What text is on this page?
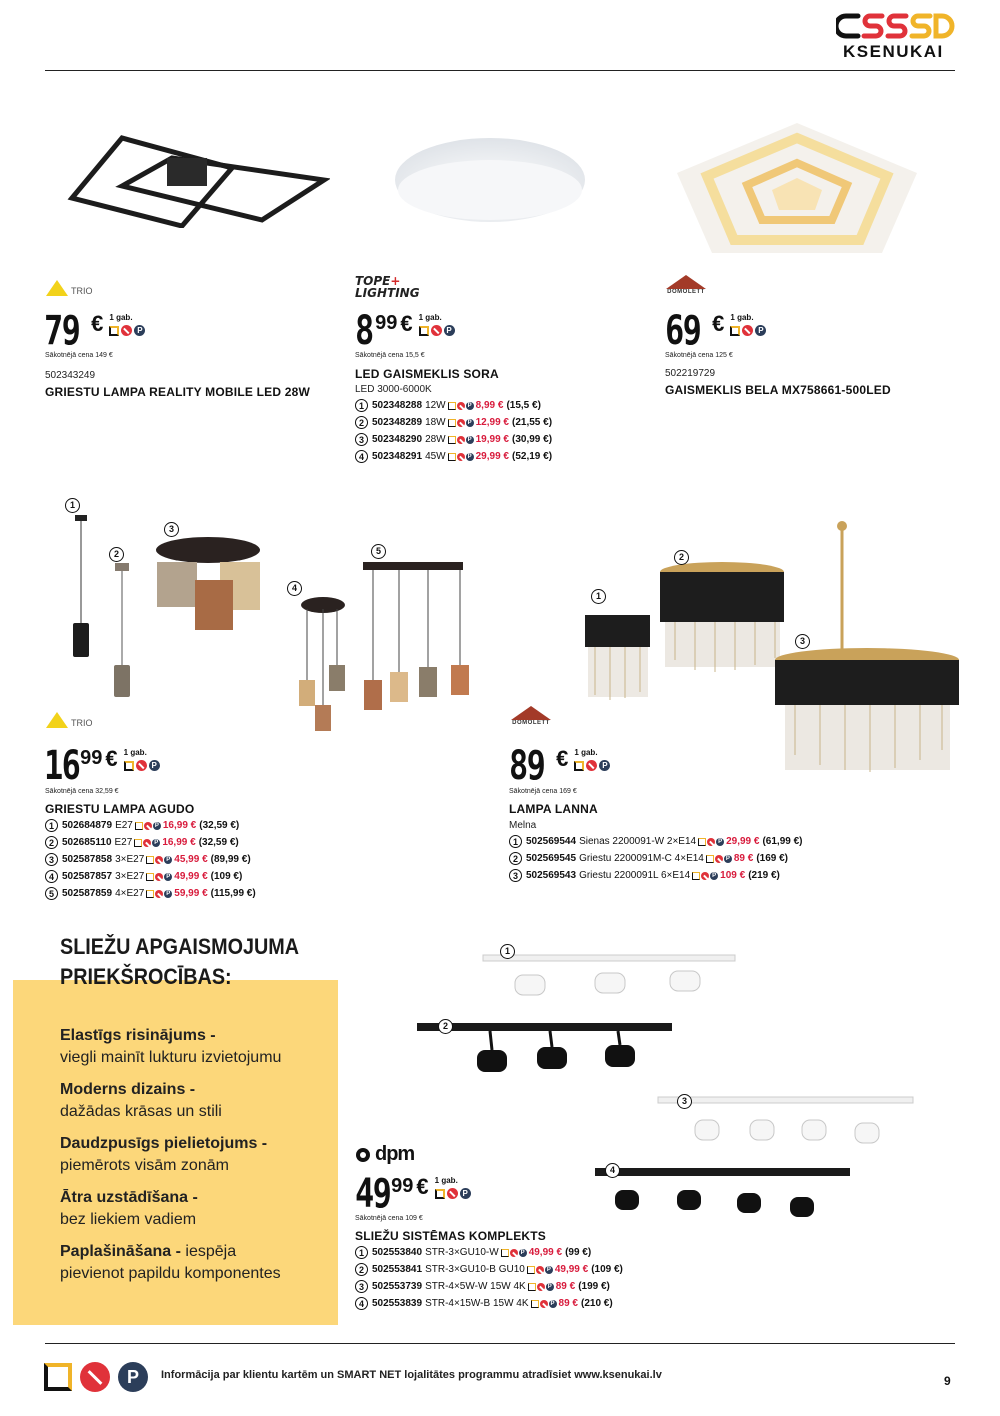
KSENUKAI
TRIO
79 € 1 gab.
P
Sākotnējā cena 149 €
502343249
GRIESTU LAMPA REALITY MOBILE LED 28W
TOPE+
LIGHTING
8 99 € 1 gab.
P
Sākotnējā cena 15,5 €
LED GAISMEKLIS SORA
LED 3000-6000K
1 502348288 12W	P 8,99 € (15,5 €)
2 502348289 18W	P 12,99 € (21,55 €)
3 502348290 28W	P 19,99 € (30,99 €)
4 502348291 45W	P 29,99 € (52,19 €)
DOMOLETT
69 € 1 gab.
P
Sākotnējā cena 125 €
502219729
GAISMEKLIS BELA MX758661-500LED
1
2
3
4
5
TRIO
16 99 € 1 gab.
P
Sākotnējā cena 32,59 €
GRIESTU LAMPA AGUDO
1 502684879 E27	P 16,99 € (32,59 €)
2 502685110 E27	P 16,99 € (32,59 €)
3 502587858 3×E27	P 45,99 € (89,99 €)
4 502587857 3×E27	P 49,99 € (109 €)
5 502587859 4×E27	P 59,99 € (115,99 €)
1
2
3
DOMOLETT
89 € 1 gab.
P
Sākotnējā cena 169 €
LAMPA LANNA
Melna
1 502569544 Sienas 2200091-W 2×E14	P 29,99 € (61,99 €)
2 502569545 Griestu 2200091M-C 4×E14	P 89 € (169 €)
3 502569543 Griestu 2200091L 6×E14	P 109 € (219 €)
SLIEŽU APGAISMOJUMA
PRIEKŠROCĪBAS:
Elastīgs risinājums -
viegli mainīt lukturu izvietojumu
Moderns dizains -
dažādas krāsas un stili
Daudzpusīgs pielietojums -
piemērots visām zonām
Ātra uzstādīšana -
bez liekiem vadiem
Paplašināšana - iespēja pievienot papildu komponentes
1
2
3
4
dpm
49 99 € 1 gab.
P
Sākotnējā cena 109 €
SLIEŽU SISTĒMAS KOMPLEKTS
1 502553840 STR-3×GU10-W	P 49,99 € (99 €)
2 502553841 STR-3×GU10-B GU10	P 49,99 € (109 €)
3 502553739 STR-4×5W-W 15W 4K	P 89 € (199 €)
4 502553839 STR-4×15W-B 15W 4K	P 89 € (210 €)
P	Informācija par klientu kartēm un SMART NET lojalitātes programmu atradīsiet www.ksenukai.lv	9
